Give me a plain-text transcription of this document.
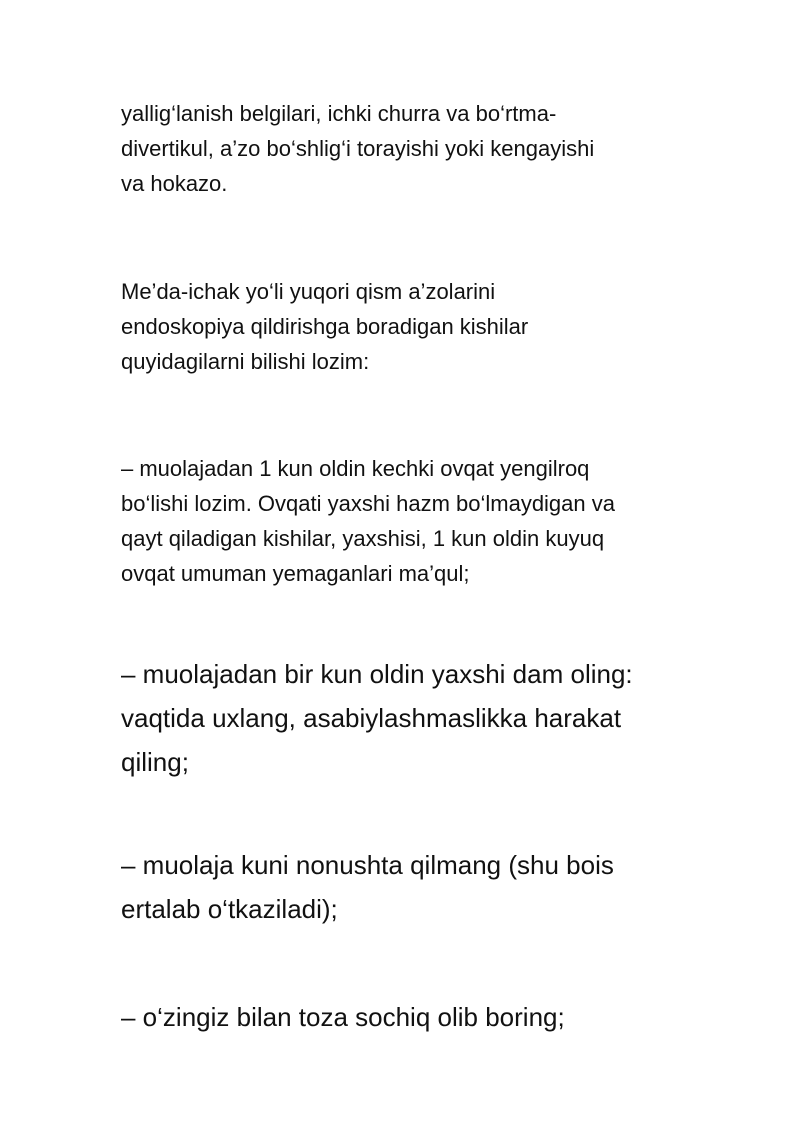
yallig‘lanish belgilari, ichki churra va bo‘rtma-
divertikul, a’zo bo‘shlig‘i torayishi yoki kengayishi
va hokazo.

Me’da-ichak yo‘li yuqori qism a’zolarini
endoskopiya qildirishga boradigan kishilar
quyidagilarni bilishi lozim:

– muolajadan 1 kun oldin kechki ovqat yengilroq
bo‘lishi lozim. Ovqati yaxshi hazm bo‘lmaydigan va
qayt qiladigan kishilar, yaxshisi, 1 kun oldin kuyuq
ovqat umuman yemaganlari ma’qul;

– muolajadan bir kun oldin yaxshi dam oling:
vaqtida uxlang, asabiylashmaslikka harakat
qiling;

– muolaja kuni nonushta qilmang (shu bois
ertalab o‘tkaziladi);

– o‘zingiz bilan toza sochiq olib boring;
